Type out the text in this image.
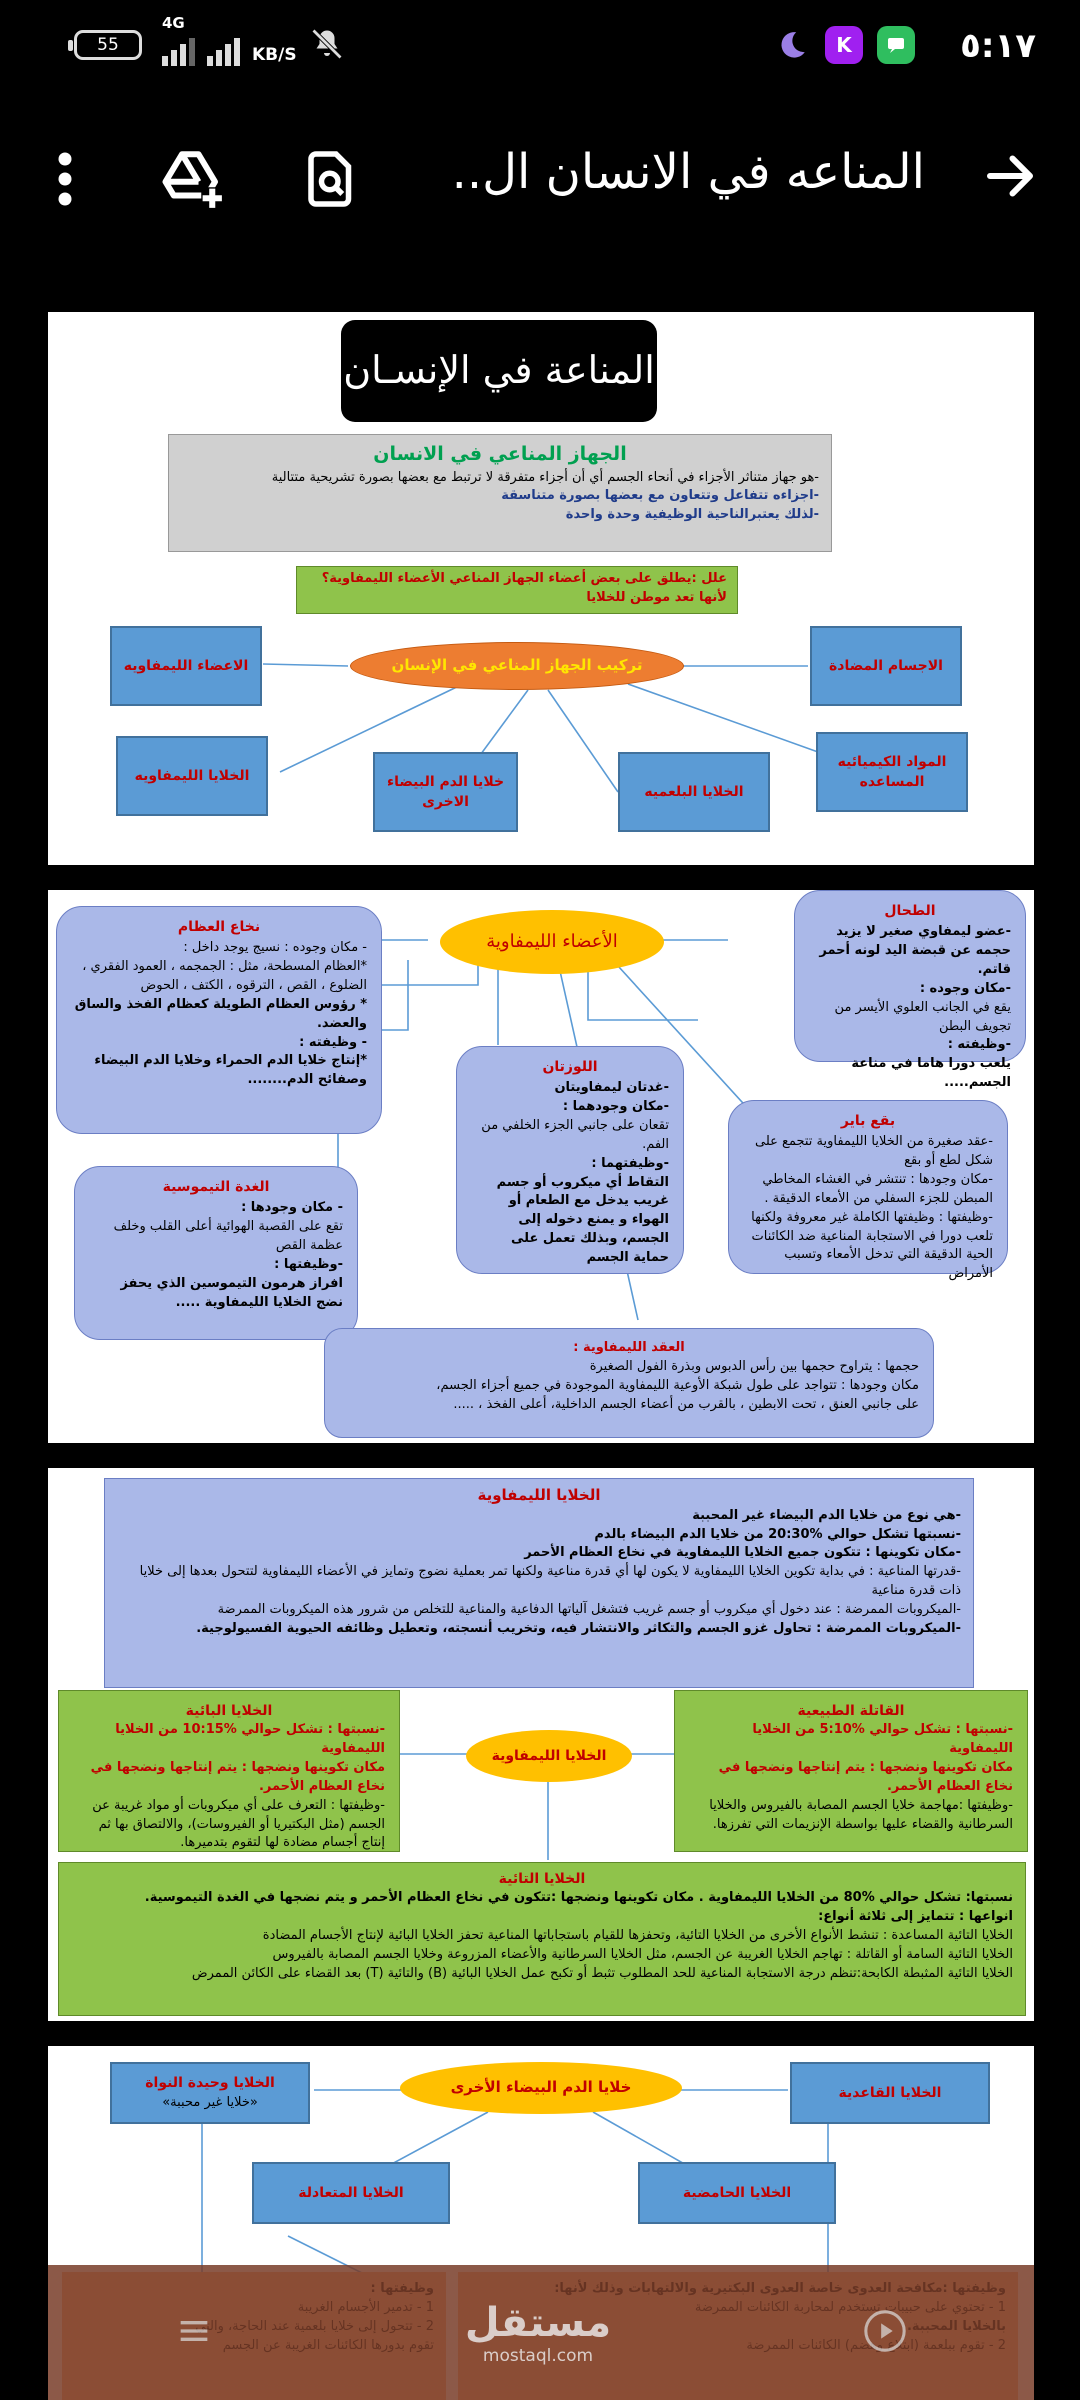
55
4G

KB/S	K	٥:١٧
المناعه في الانسان ال..
المناعة في الإنسـان
الجهاز المناعي في الانسان
-هو جهاز متناثر الأجزاء في أنحاء الجسم أي أن أجزاء متفرقة لا ترتبط مع بعضها بصورة تشريحية متتالية
-اجزاءه تتفاعل وتتعاون مع بعضها بصورة متناسقة
-لذلك يعتبرالناحية الوظيفية وحدة واحدة
علل :يطلق على بعض أعضاء الجهاز المناعي الأعضاء الليمفاوية؟
لأنها تعد موطن للخلايا
تركيب الجهاز المناعي في الإنسان
الاعضاء الليمفاويه	الاجسام المضادة
المواد الكيميائيه المساعده
الخلايا البلعميه
خلايا الدم البيضاء الاخرى
الخلايا الليمفاويه
الأعضاء الليمفاوية
الطحال
-عضو ليمفاوي صغير لا يزيد حجمه عن قبضة اليد لونه أحمر قاتم.
-مكان وجوده :
يقع في الجانب العلوي الأيسر من تجويف البطن
-وظيفته :
يلعب دورا هاما في مناعة الجسم.....
نخاع العظام
- مكان وجوده : نسيج يوجد داخل :
*العظام المسطحة، مثل : الجمجمه ، العمود الفقري ، الضلوع ، القص ، الترقوه ، الكتف ، الحوض
* رؤوس العظام الطويلة كعظام الفخذ والساق والعضد.
- وظيفته :
*إنتاج خلايا الدم الحمراء وخلايا الدم البيضاء وصفائح الدم........
بقع باير
-عقد صغيرة من الخلايا الليمفاوية تتجمع على شكل لطع أو بقع
-مكان وجودها : تنتشر في الغشاء المخاطي المبطن للجزء السفلي من الأمعاء الدقيقة .
-وظيفتها : وظيفتها الكاملة غير معروفة ولكنها تلعب دورا في الاستجابة المناعية ضد الكائنات الحية الدقيقة التي تدخل الأمعاء وتسبب الأمراض
اللوزتان
-غدتان ليمفاويتان
-مكان وجودهما :
تقعان على جانبي الجزء الخلفي من الفم.
-وظيفتهما :
التقاط أي ميكروب أو جسم غريب يدخل مع الطعام أو الهواء و يمنع دخوله إلى الجسم، وبذلك تعمل على حماية الجسم
الغدة التيموسية
- مكان وجودها :
تقع على القصبة الهوائية أعلى القلب وخلف عظمة القص
-وظيفتها :
افراز هرمون التيموسين الذي يحفز نضج الخلايا الليمفاوية .....
العقد الليمفاوية :
حجمها : يتراوح حجمها بين رأس الدبوس وبذرة الفول الصغيرة
مكان وجودها : تتواجد على طول شبكة الأوعية الليمفاوية الموجودة في جميع أجزاء الجسم،
على جانبي العنق ، تحت الابطين ، بالقرب من أعضاء الجسم الداخلية، أعلى الفخذ ، .....
الخلايا الليمفاوية
-هي نوع من خلايا الدم البيضاء غير المحببة
-نسبتها تشكل حوالي %20:30 من خلايا الدم البيضاء بالدم
-مكان تكوينها : تتكون جميع الخلايا الليمفاوية في نخاع العظام الأحمر
-قدرتها المناعية : في بداية تكوين الخلايا الليمفاوية لا يكون لها أي قدرة مناعية ولكنها تمر بعملية نضوج وتمايز في الأعضاء الليمفاوية لتتحول بعدها إلى خلايا ذات قدرة مناعية
-الميكروبات الممرضة : عند دخول أي ميكروب أو جسم غريب فتشغل آلياتها الدفاعية والمناعية للتخلص من شرور هذه الميكروبات الممرضة
-الميكروبات الممرضة : تحاول غزو الجسم والتكاثر والانتشار فيه، وتخريب أنسجته، وتعطيل وظائفه الحيوية الفسيولوجية.
الخلايا الليمفاوية
القاتلة الطبيعية
-نسبتها : تشكل حوالي %5:10 من الخلايا الليمفاوية
مكان تكوينها ونضجها : يتم إنتاجها ونضجها في نخاع العظام الأحمر.
-وظيفتها :مهاجمة خلايا الجسم المصابة بالفيروس والخلايا السرطانية والقضاء عليها بواسطة الإنزيمات التي تفرزها.
الخلايا البائية
-نسبتها : تشكل حوالي %10:15 من الخلايا الليمفاوية
مكان تكوينها ونضجها : يتم إنتاجها ونضجها في نخاع العظام الأحمر.
-وظيفتها : التعرف على أي ميكروبات أو مواد غريبة عن الجسم (مثل البكتيريا أو الفيروسات)، والالتصاق بها ثم إنتاج أجسام مضادة لها لتقوم بتدميرها.
الخلايا التائية
نسبتها: تشكل حوالي %80 من الخلايا الليمفاوية . مكان تكوينها ونضجها :تتكون في نخاع العظام الأحمر و يتم نضجها في الغدة التيموسية.
انواعها : تتمايز إلى ثلاثة أنواع:
الخلايا التائية المساعدة : تنشط الأنواع الأخرى من الخلايا التائية، وتحفزها للقيام باستجاباتها المناعية تحفز الخلايا البائية لإنتاج الأجسام المضادة
الخلايا التائية السامة أو القاتلة : تهاجم الخلايا الغريبة عن الجسم، مثل الخلايا السرطانية والأعضاء المزروعة وخلايا الجسم المصابة بالفيروس
الخلايا التائية المثبطة الكابحة:تنظم درجة الاستجابة المناعية للحد المطلوب تثبط أو تكبح عمل الخلايا البائية (B) والتائية (T) بعد القضاء على الكائن الممرض
خلايا الدم البيضاء الأخرى	الخلايا القاعدية
الخلايا وحيدة النواة
«خلايا غير محببة»
الخلايا الحامضية
الخلايا المتعادلة
مستقل
mostaql.com
